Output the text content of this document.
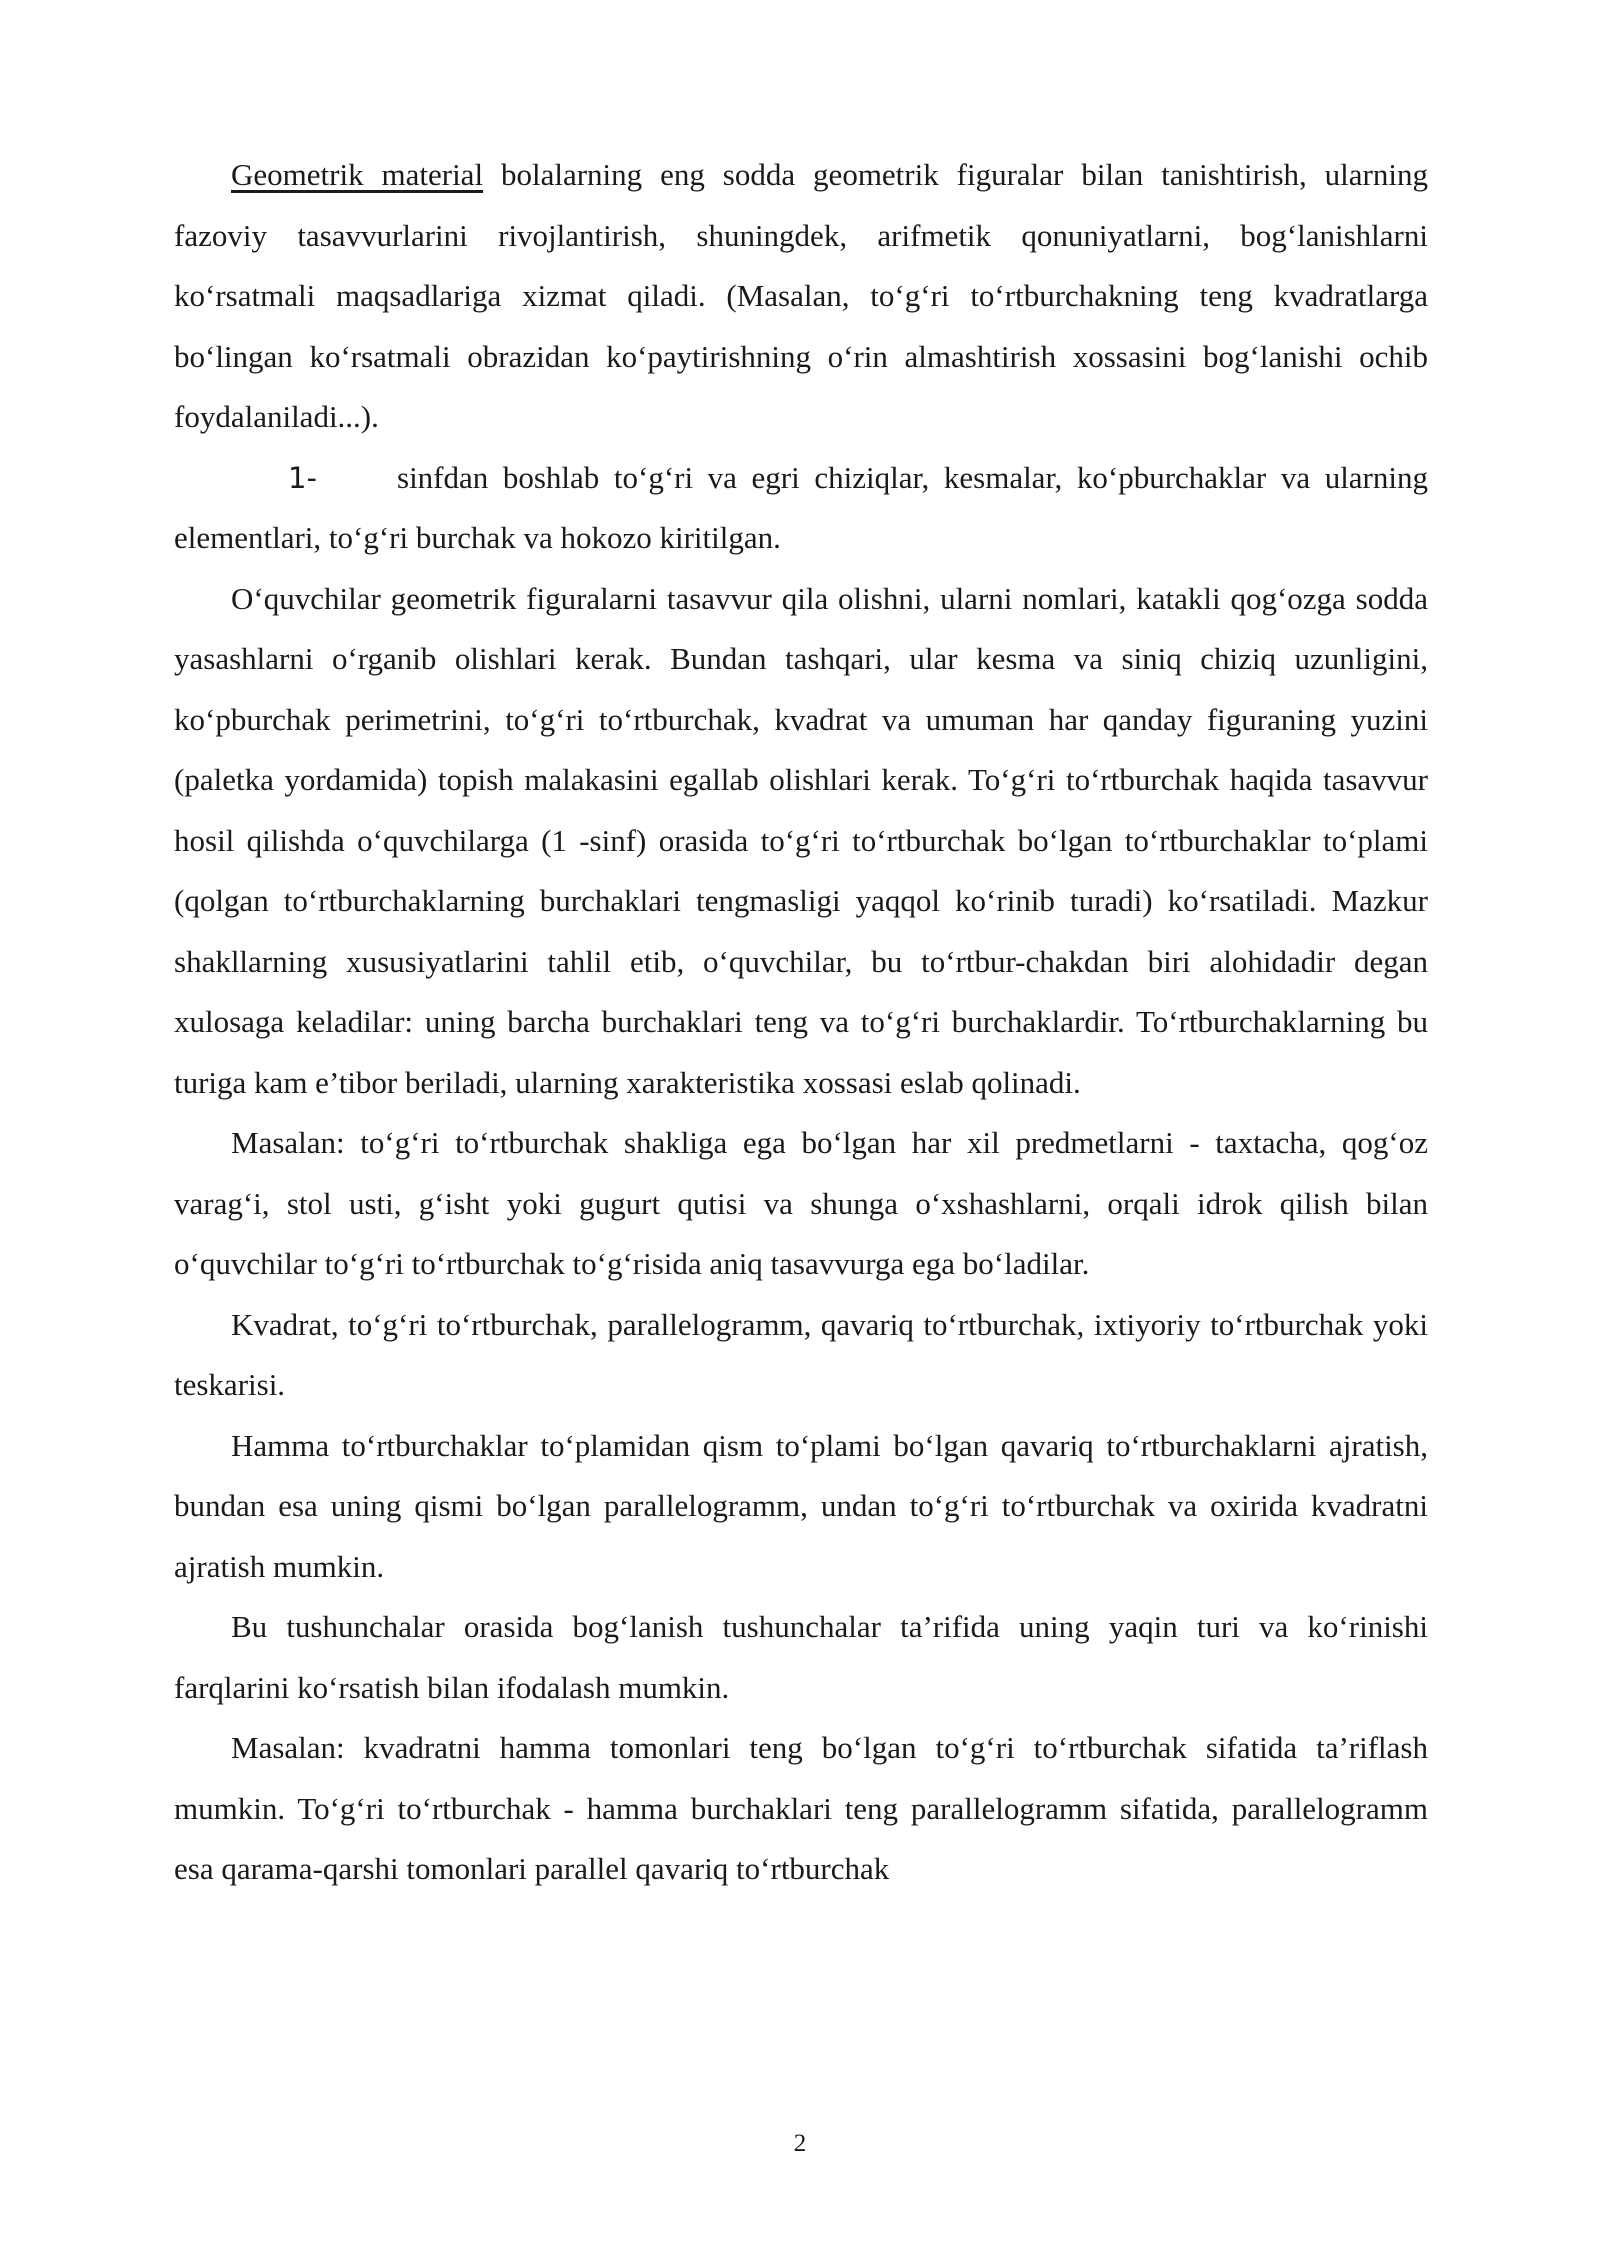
Geometrik material bolalarning eng sodda geometrik figuralar bilan tanishtirish, ularning fazoviy tasavvurlarini rivojlantirish, shuningdek, arifmetik qonuniyatlarni, bog‘lanishlarni ko‘rsatmali maqsadlariga xizmat qiladi. (Masalan, to‘g‘ri to‘rtburchakning teng kvadratlarga bo‘lingan ko‘rsatmali obrazidan ko‘paytirishning o‘rin almashtirish xossasini bog‘lanishi ochib foydalaniladi...).

1-	sinfdan boshlab to‘g‘ri va egri chiziqlar, kesmalar, ko‘pburchaklar va ularning elementlari, to‘g‘ri burchak va hokozo kiritilgan.

O‘quvchilar geometrik figuralarni tasavvur qila olishni, ularni nomlari, katakli qog‘ozga sodda yasashlarni o‘rganib olishlari kerak. Bundan tashqari, ular kesma va siniq chiziq uzunligini, ko‘pburchak perimetrini, to‘g‘ri to‘rtburchak, kvadrat va umuman har qanday figuraning yuzini (paletka yordamida) topish malakasini egallab olishlari kerak. To‘g‘ri to‘rtburchak haqida tasavvur hosil qilishda o‘quvchilarga (1 -sinf) orasida to‘g‘ri to‘rtburchak bo‘lgan to‘rtburchaklar to‘plami (qolgan to‘rtburchaklarning burchaklari tengmasligi yaqqol ko‘rinib turadi) ko‘rsatiladi. Mazkur shakllarning xususiyatlarini tahlil etib, o‘quvchilar, bu to‘rtbur-chakdan biri alohidadir degan xulosaga keladilar: uning barcha burchaklari teng va to‘g‘ri burchaklardir. To‘rtburchaklarning bu turiga kam e’tibor beriladi, ularning xarakteristika xossasi eslab qolinadi.

Masalan: to‘g‘ri to‘rtburchak shakliga ega bo‘lgan har xil predmetlarni - taxtacha, qog‘oz varag‘i, stol usti, g‘isht yoki gugurt qutisi va shunga o‘xshashlarni, orqali idrok qilish bilan o‘quvchilar to‘g‘ri to‘rtburchak to‘g‘risida aniq tasavvurga ega bo‘ladilar.

Kvadrat, to‘g‘ri to‘rtburchak, parallelogramm, qavariq to‘rtburchak, ixtiyoriy to‘rtburchak yoki teskarisi.

Hamma to‘rtburchaklar to‘plamidan qism to‘plami bo‘lgan qavariq to‘rtburchaklarni ajratish, bundan esa uning qismi bo‘lgan parallelogramm, undan to‘g‘ri to‘rtburchak va oxirida kvadratni ajratish mumkin.

Bu tushunchalar orasida bog‘lanish tushunchalar ta’rifida uning yaqin turi va ko‘rinishi farqlarini ko‘rsatish bilan ifodalash mumkin.

Masalan: kvadratni hamma tomonlari teng bo‘lgan to‘g‘ri to‘rtburchak sifatida ta’riflash mumkin. To‘g‘ri to‘rtburchak - hamma burchaklari teng parallelogramm sifatida, parallelogramm esa qarama-qarshi tomonlari parallel qavariq to‘rtburchak

2
